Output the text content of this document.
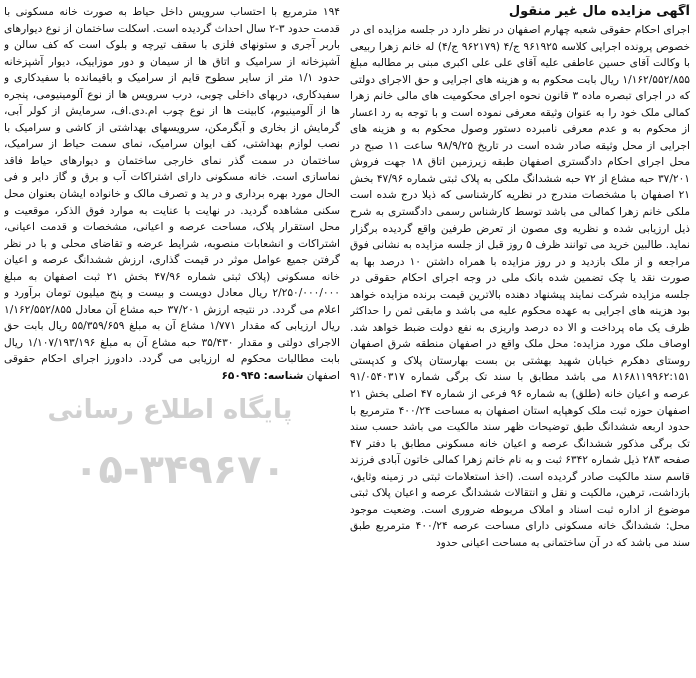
آگهی مزایده مال غیر منقول

اجرای احکام حقوقی شعبه چهارم اصفهان در نظر دارد در جلسه مزایده ای در خصوص پرونده اجرایی کلاسه ۹۶۱۹۲۵ ج/۴ (۹۶۲۱۷۹ ج/۴) له خانم زهرا ربیعی با وکالت آقای حسین عاطفی علیه آقای علی علی اکبری مبنی بر مطالبه مبلغ ۱/۱۶۲/۵۵۲/۸۵۵ ریال بابت محکوم به و هزینه های اجرایی و حق الاجرای دولتی که در اجرای تبصره ماده ۳ قانون نحوه اجرای محکومیت های مالی خانم زهرا کمالی ملک خود را به عنوان وثیقه معرفی نموده است و با توجه به رد اعسار از محکوم به و عدم معرفی نامبرده دستور وصول محکوم به و هزینه های اجرایی از محل وثیقه صادر شده است در تاریخ ۹۸/۹/۲۵ ساعت ۱۱ صبح در محل اجرای احکام دادگستری اصفهان طبقه زیرزمین اتاق ۱۸ جهت فروش ۳۷/۲۰۱ حبه مشاع از ۷۲ حبه ششدانگ ملکی به پلاک ثبتی شماره ۴۷/۹۶ بخش ۲۱ اصفهان با مشخصات مندرج در نظریه کارشناسی که ذیلا درج شده است ملکی خانم زهرا کمالی می باشد توسط کارشناس رسمی دادگستری به شرح ذیل ارزیابی شده و نظریه وی مصون از تعرض طرفین واقع گردیده برگزار نماید. طالبین خرید می توانند ظرف ۵ روز قبل از جلسه مزایده به نشانی فوق مراجعه و از ملک بازدید و در روز مزایده با همراه داشتن ۱۰ درصد بها به صورت نقد یا چک تضمین شده بانک ملی در وجه اجرای احکام حقوقی در جلسه مزایده شرکت نمایند پیشنهاد دهنده بالاترین قیمت برنده مزایده خواهد بود هزینه های اجرایی به عهده محکوم علیه می باشد و مابقی ثمن را حداکثر ظرف یک ماه پرداخت و الا ده درصد واریزی به نفع دولت ضبط خواهد شد. اوصاف ملک مورد مزایده: محل ملک واقع در اصفهان منطقه شرق اصفهان روستای دهکرم خیابان شهید بهشتی بن بست بهارستان پلاک و کدپستی ۸۱۶۸۱۱۹۹۶۲:۱۵۱ می باشد مطابق با سند تک برگی شماره ۹۱/۰۵۴۰۳۱۷ عرصه و اعیان خانه (طلق) به شماره ۹۶ فرعی از شماره ۴۷ اصلی بخش ۲۱ اصفهان حوزه ثبت ملک کوهپایه استان اصفهان به مساحت ۴۰۰/۲۴ مترمربع با حدود اربعه ششدانگ طبق توضیحات ظهر سند مالکیت می باشد حسب سند تک برگی مذکور ششدانگ عرصه و اعیان خانه مسکونی مطابق با دفتر ۴۷ صفحه ۲۸۳ ذیل شماره ۶۳۴۲ ثبت و به نام خانم زهرا کمالی خاتون آبادی فرزند قاسم سند مالکیت صادر گردیده است. (اخذ استعلامات ثبتی در زمینه وثایق، بازداشت، ترهین، مالکیت و نقل و انتقالات ششدانگ عرصه و اعیان پلاک ثبتی موضوع از اداره ثبت اسناد و املاک مربوطه ضروری است. وضعیت موجود محل: ششدانگ خانه مسکونی دارای مساحت عرصه ۴۰۰/۲۴ مترمربع طبق سند می باشد که در آن ساختمانی به مساحت اعیانی حدود

۱۹۴ مترمربع با احتساب سرویس داخل حیاط به صورت خانه مسکونی با قدمت حدود ۳-۲ سال احداث گردیده است. اسکلت ساختمان از نوع دیوارهای باربر آجری و ستونهای فلزی با سقف تیرچه و بلوک است که کف سالن و آشپزخانه از سرامیک و اتاق ها از سیمان و دور موزاییک، دیوار آشپزخانه حدود ۱/۱ متر از سایر سطوح قایم از سرامیک و باقیمانده با سفیدکاری و سفیدکاری، دربهای داخلی چوبی، درب سرویس ها از نوع آلومینیومی، پنجره ها از آلومینیوم، کابینت ها از نوع چوب ام.دی.اف، سرمایش از کولر آبی، گرمایش از بخاری و آبگرمکن، سرویسهای بهداشتی از کاشی و سرامیک با نصب لوازم بهداشتی، کف ایوان سرامیک، نمای سمت حیاط از سرامیک، ساختمان در سمت گذر نمای خارجی ساختمان و دیوارهای حیاط فاقد نماسازی است. خانه مسکونی دارای اشتراکات آب و برق و گاز دایر و فی الحال مورد بهره برداری و در ید و تصرف مالک و خانواده ایشان بعنوان محل سکنی مشاهده گردید. در نهایت با عنایت به موارد فوق الذکر، موقعیت و محل استقرار پلاک، مساحت عرصه و اعیانی، مشخصات و قدمت اعیانی، اشتراکات و انشعابات منصوبه، شرایط عرضه و تقاضای محلی و با در نظر گرفتن جمیع عوامل موثر در قیمت گذاری، ارزش ششدانگ عرصه و اعیان خانه مسکونی (پلاک ثبتی شماره ۴۷/۹۶ بخش ۲۱ ثبت اصفهان به مبلغ ۲/۲۵۰/۰۰۰/۰۰۰ ریال معادل دویست و بیست و پنج میلیون تومان برآورد و اعلام می گردد. در نتیجه ارزش ۳۷/۲۰۱ حبه مشاع آن معادل ۱/۱۶۲/۵۵۲/۸۵۵ ریال ارزیابی که مقدار ۱/۷۷۱ مشاع آن به مبلغ ۵۵/۳۵۹/۶۵۹ ریال بابت حق الاجرای دولتی و مقدار ۳۵/۴۳۰ حبه مشاع آن به مبلغ ۱/۱۰۷/۱۹۳/۱۹۶ ریال بابت مطالبات محکوم له ارزیابی می گردد. دادورز اجرای احکام حقوقی اصفهان شناسه: ۶۵۰۹۴۵

پایگاه اطلاع رسانی
۰۵-۳۴۹۶۷۰
